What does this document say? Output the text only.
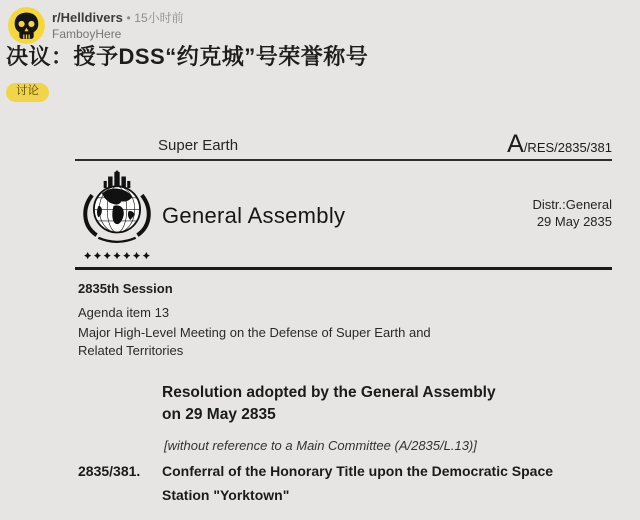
r/Helldivers • 15小时前
FamboyHere
决议：授予DSS“约克城”号荣誉称号
讨论
Super Earth	A/RES/2835/381
General Assembly	Distr.:General
29 May 2835
2835th Session
Agenda item 13
Major High-Level Meeting on the Defense of Super Earth and
Related Territories
Resolution adopted by the General Assembly
on 29 May 2835
[without reference to a Main Committee (A/2835/L.13)]
2835/381. Conferral of the Honorary Title upon the Democratic Space
Station "Yorktown"
